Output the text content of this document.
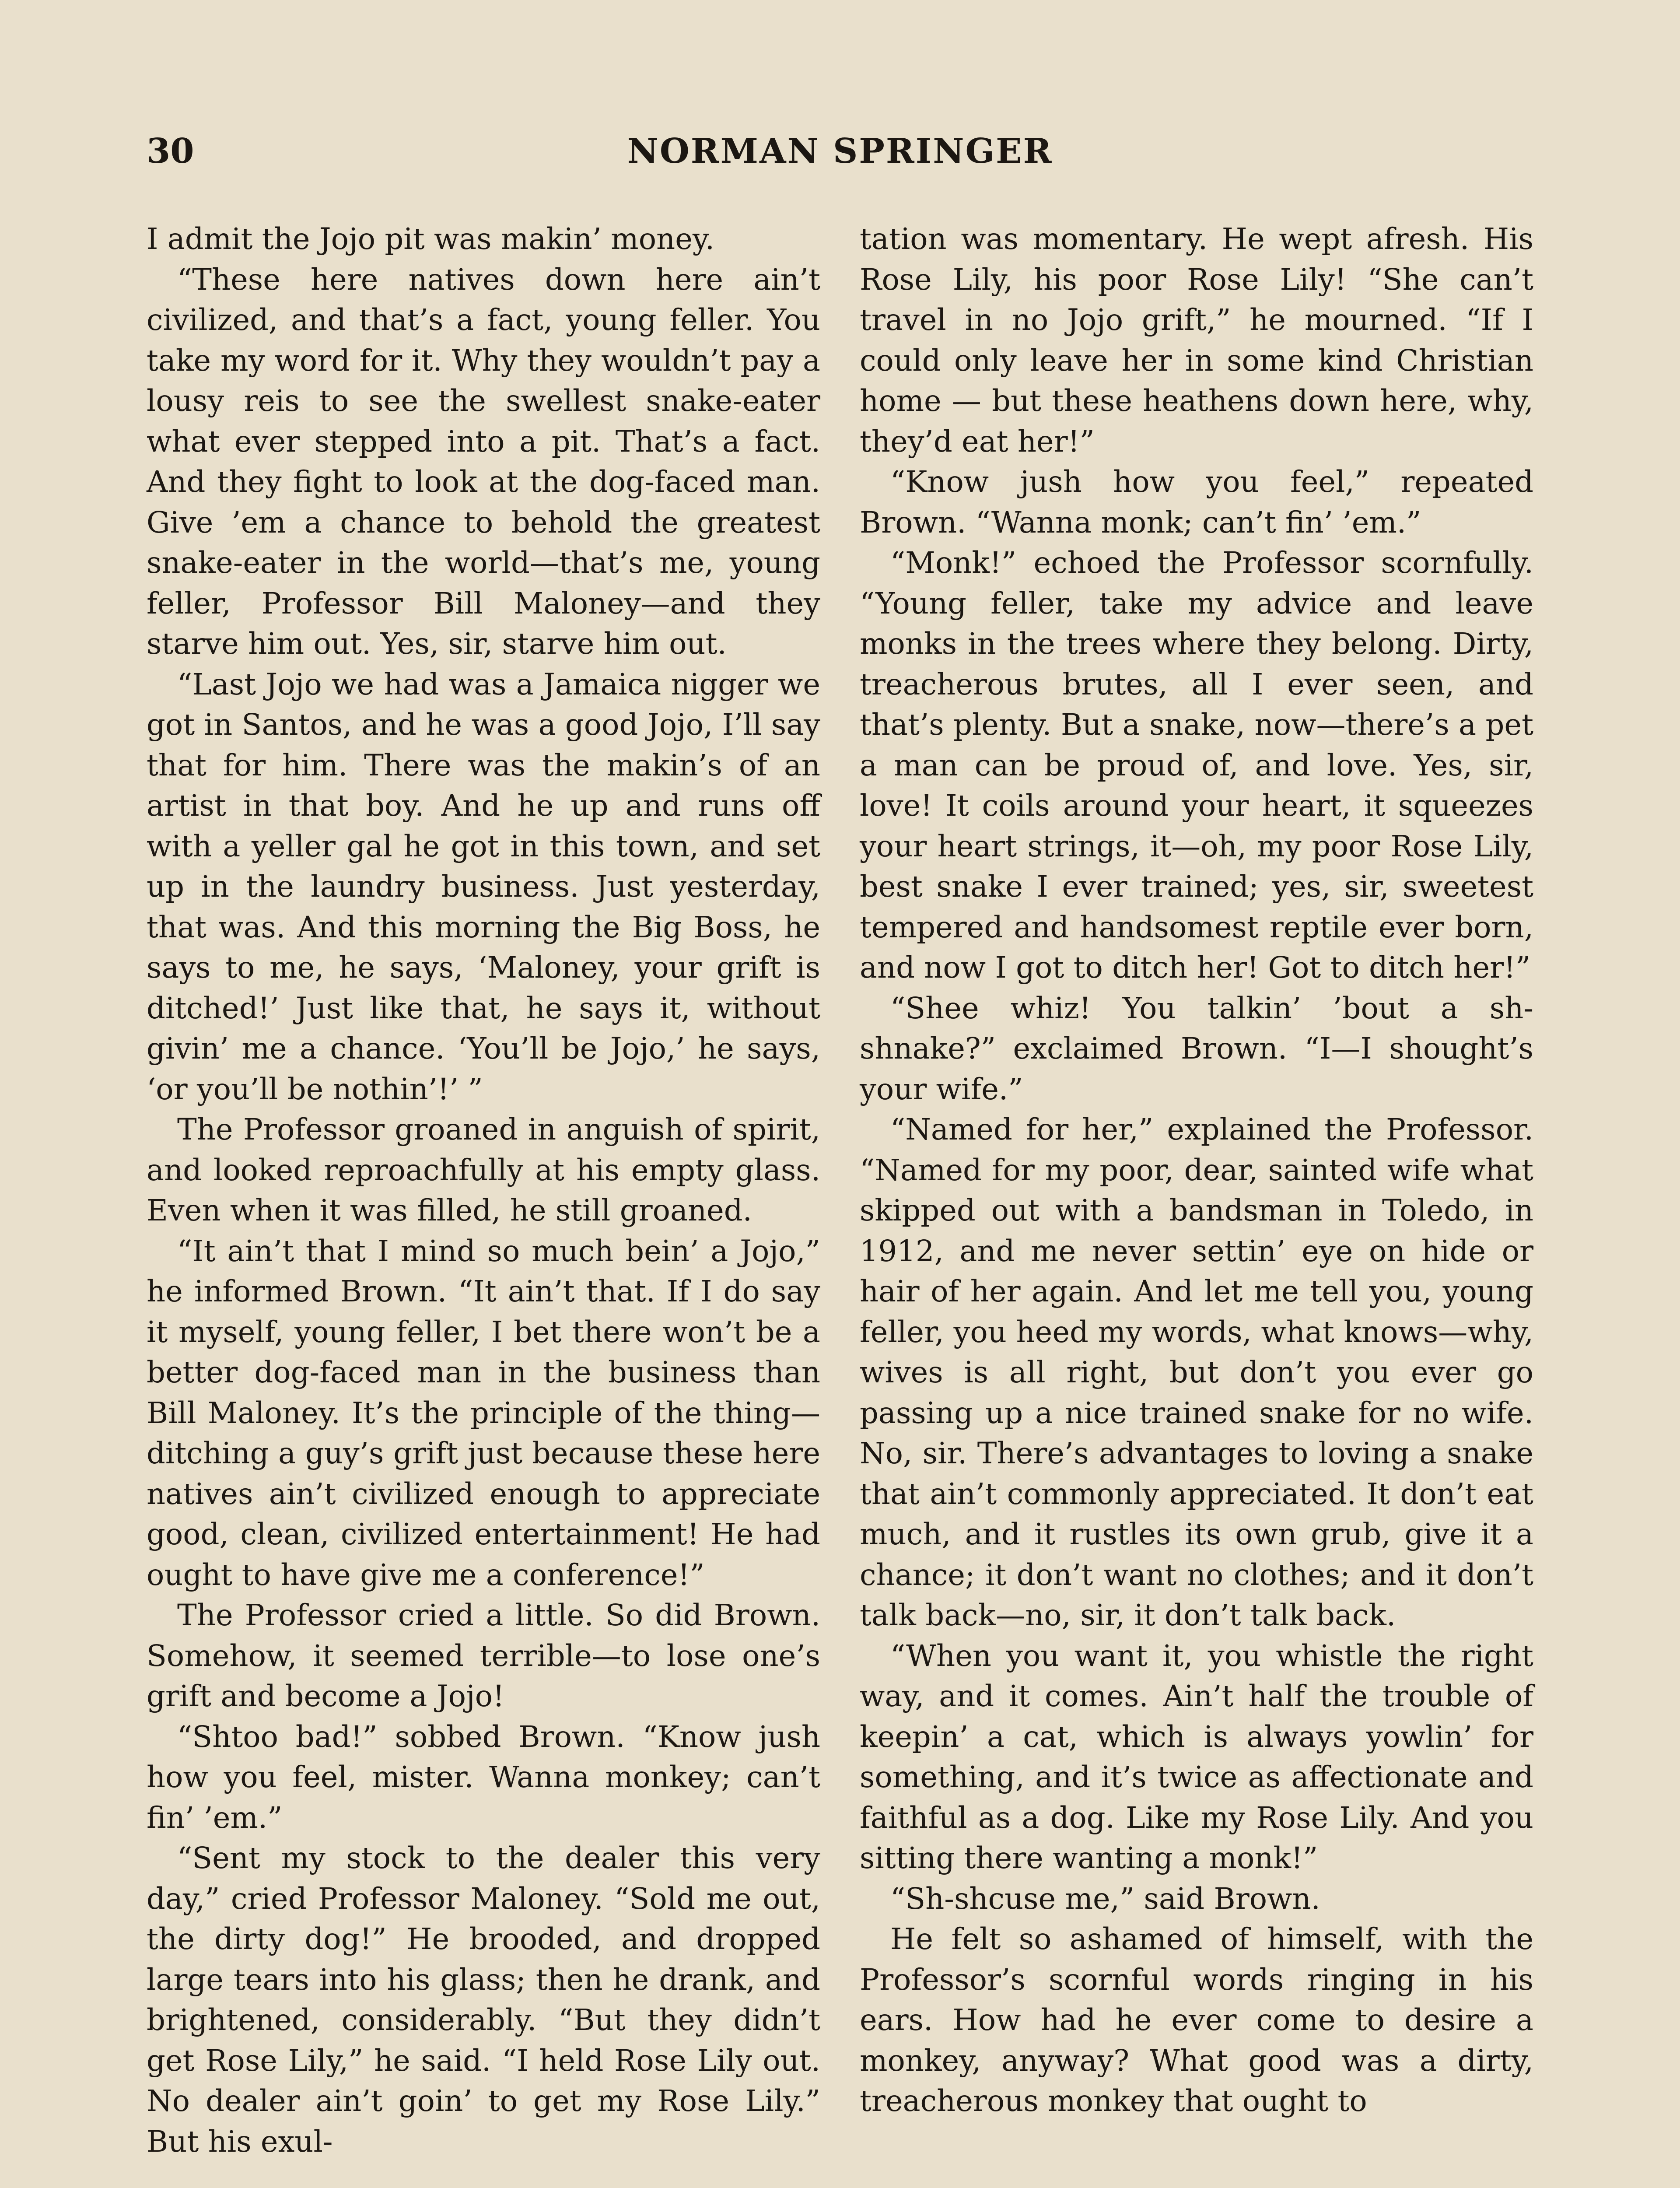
30	NORMAN SPRINGER

I admit the Jojo pit was makin’ money.

“These here natives down here ain’t civilized, and that’s a fact, young feller. You take my word for it. Why they wouldn’t pay a lousy reis to see the swellest snake-eater what ever stepped into a pit. That’s a fact. And they fight to look at the dog-faced man. Give ’em a chance to behold the greatest snake-eater in the world—that’s me, young feller, Professor Bill Maloney—and they starve him out. Yes, sir, starve him out.

“Last Jojo we had was a Jamaica nigger we got in Santos, and he was a good Jojo, I’ll say that for him. There was the makin’s of an artist in that boy. And he up and runs off with a yeller gal he got in this town, and set up in the laundry business. Just yesterday, that was. And this morning the Big Boss, he says to me, he says, ‘Maloney, your grift is ditched!’ Just like that, he says it, without givin’ me a chance. ‘You’ll be Jojo,’ he says, ‘or you’ll be nothin’!’ ”

The Professor groaned in anguish of spirit, and looked reproachfully at his empty glass. Even when it was filled, he still groaned.

“It ain’t that I mind so much bein’ a Jojo,” he informed Brown. “It ain’t that. If I do say it myself, young feller, I bet there won’t be a better dog-faced man in the business than Bill Maloney. It’s the principle of the thing—ditching a guy’s grift just because these here natives ain’t civilized enough to appreciate good, clean, civilized entertainment! He had ought to have give me a conference!”

The Professor cried a little. So did Brown. Somehow, it seemed terrible—to lose one’s grift and become a Jojo!

“Shtoo bad!” sobbed Brown. “Know jush how you feel, mister. Wanna monkey; can’t fin’ ’em.”

“Sent my stock to the dealer this very day,” cried Professor Maloney. “Sold me out, the dirty dog!” He brooded, and dropped large tears into his glass; then he drank, and brightened, considerably. “But they didn’t get Rose Lily,” he said. “I held Rose Lily out. No dealer ain’t goin’ to get my Rose Lily.” But his exul-

tation was momentary. He wept afresh. His Rose Lily, his poor Rose Lily! “She can’t travel in no Jojo grift,” he mourned. “If I could only leave her in some kind Christian home — but these heathens down here, why, they’d eat her!”

“Know jush how you feel,” repeated Brown. “Wanna monk; can’t fin’ ’em.”

“Monk!” echoed the Professor scornfully. “Young feller, take my advice and leave monks in the trees where they belong. Dirty, treacherous brutes, all I ever seen, and that’s plenty. But a snake, now—there’s a pet a man can be proud of, and love. Yes, sir, love! It coils around your heart, it squeezes your heart strings, it—oh, my poor Rose Lily, best snake I ever trained; yes, sir, sweetest tempered and handsomest reptile ever born, and now I got to ditch her! Got to ditch her!”

“Shee whiz! You talkin’ ’bout a sh-shnake?” exclaimed Brown. “I—I shought’s your wife.”

“Named for her,” explained the Professor. “Named for my poor, dear, sainted wife what skipped out with a bandsman in Toledo, in 1912, and me never settin’ eye on hide or hair of her again. And let me tell you, young feller, you heed my words, what knows—why, wives is all right, but don’t you ever go passing up a nice trained snake for no wife. No, sir. There’s advantages to loving a snake that ain’t commonly appreciated. It don’t eat much, and it rustles its own grub, give it a chance; it don’t want no clothes; and it don’t talk back—no, sir, it don’t talk back.

“When you want it, you whistle the right way, and it comes. Ain’t half the trouble of keepin’ a cat, which is always yowlin’ for something, and it’s twice as affectionate and faithful as a dog. Like my Rose Lily. And you sitting there wanting a monk!”

“Sh-shcuse me,” said Brown.

He felt so ashamed of himself, with the Professor’s scornful words ringing in his ears. How had he ever come to desire a monkey, anyway? What good was a dirty, treacherous monkey that ought to
